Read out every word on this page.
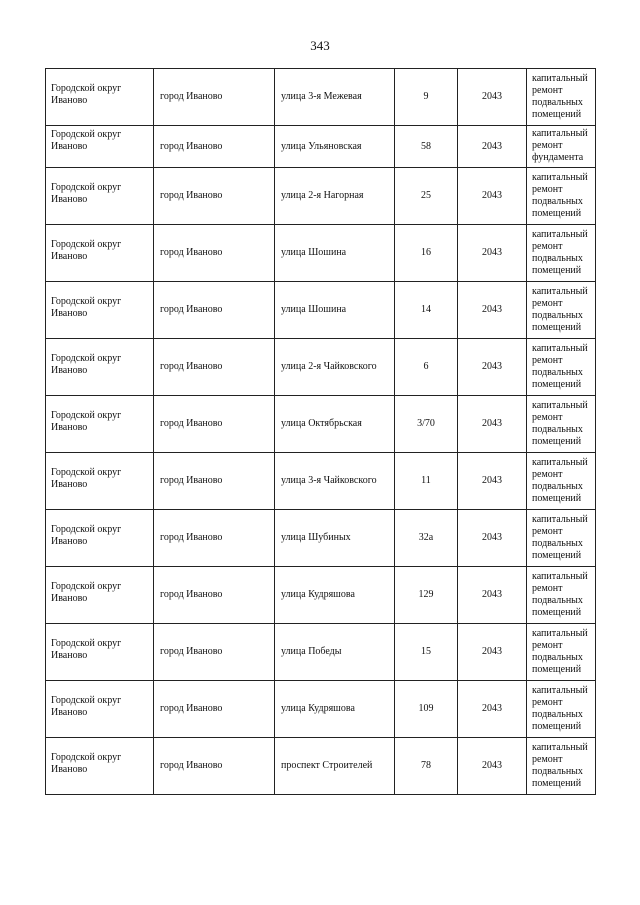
343
Городской округ Иваново	город Иваново	улица 3-я Межевая	9	2043	капитальный ремонт подвальных помещений
Городской округ Иваново	город Иваново	улица Ульяновская	58	2043	капитальный ремонт фундамента
Городской округ Иваново	город Иваново	улица 2-я Нагорная	25	2043	капитальный ремонт подвальных помещений
Городской округ Иваново	город Иваново	улица Шошина	16	2043	капитальный ремонт подвальных помещений
Городской округ Иваново	город Иваново	улица Шошина	14	2043	капитальный ремонт подвальных помещений
Городской округ Иваново	город Иваново	улица 2-я Чайковского	6	2043	капитальный ремонт подвальных помещений
Городской округ Иваново	город Иваново	улица Октябрьская	3/70	2043	капитальный ремонт подвальных помещений
Городской округ Иваново	город Иваново	улица 3-я Чайковского	11	2043	капитальный ремонт подвальных помещений
Городской округ Иваново	город Иваново	улица Шубиных	32а	2043	капитальный ремонт подвальных помещений
Городской округ Иваново	город Иваново	улица Кудряшова	129	2043	капитальный ремонт подвальных помещений
Городской округ Иваново	город Иваново	улица Победы	15	2043	капитальный ремонт подвальных помещений
Городской округ Иваново	город Иваново	улица Кудряшова	109	2043	капитальный ремонт подвальных помещений
Городской округ Иваново	город Иваново	проспект Строителей	78	2043	капитальный ремонт подвальных помещений
